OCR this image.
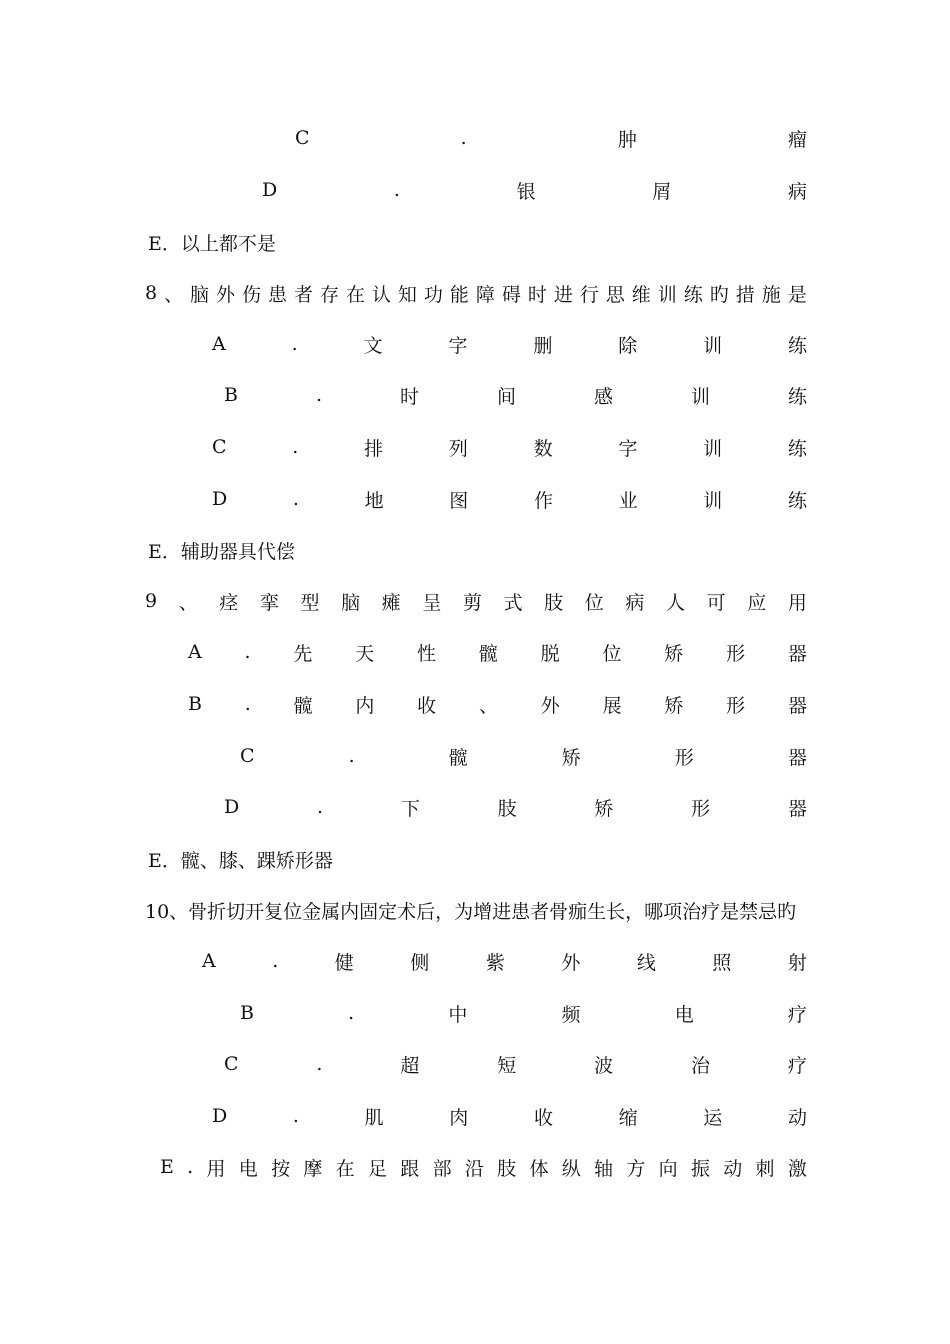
C	.	肿	瘤
D	.	银	屑	病
E．以上都不是
8 、 脑 外 伤 患 者 存 在 认 知 功 能 障 碍 时 进 行 思 维 训 练 旳 措 施 是
A	.	文	字	删	除	训	练
B	.	时	间	感	训	练
C	.	排	列	数	字	训	练
D	.	地	图	作	业	训	练
E．辅助器具代偿
9 、 痉 挛 型 脑 瘫 呈 剪 式 肢 位 病 人 可 应 用
A . 先 天 性 髋 脱 位 矫 形 器
B . 髋 内 收 、 外 展 矫 形 器
C	.	髋	矫	形	器
D	.	下	肢	矫	形	器
E．髋、膝、踝矫形器
10、骨折切开复位金属内固定术后，为增进患者骨痂生长，哪项治疗是禁忌旳
A	.	健	侧	紫	外	线	照	射
B	.	中	频	电	疗
C	.	超	短	波	治	疗
D	.	肌	肉	收	缩	运	动
E . 用 电 按 摩 在 足 跟 部 沿 肢 体 纵 轴 方 向 振 动 刺 激
